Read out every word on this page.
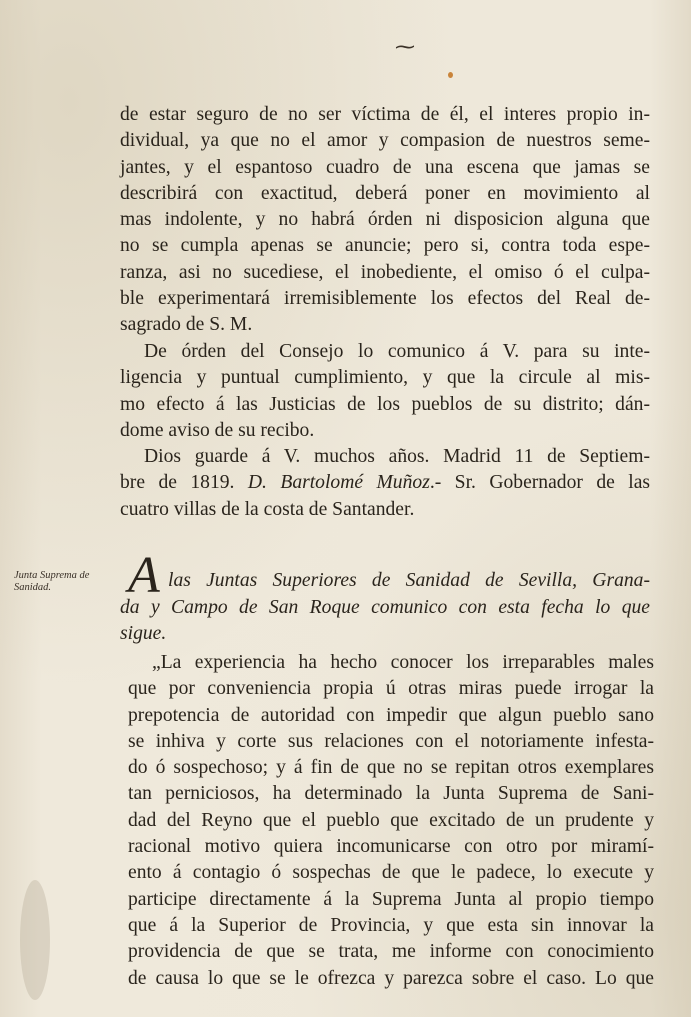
⁓
de estar seguro de no ser víctima de él, el interes propio in-
dividual, ya que no el amor y compasion de nuestros seme-
jantes, y el espantoso cuadro de una escena que jamas se
describirá con exactitud, deberá poner en movimiento al
mas indolente, y no habrá órden ni disposicion alguna que
no se cumpla apenas se anuncie; pero si, contra toda espe-
ranza, asi no sucediese, el inobediente, el omiso ó el culpa-
ble experimentará irremisiblemente los efectos del Real de-
sagrado de S. M.
De órden del Consejo lo comunico á V. para su inte-
ligencia y puntual cumplimiento, y que la circule al mis-
mo efecto á las Justicias de los pueblos de su distrito; dán-
dome aviso de su recibo.
Dios guarde á V. muchos años. Madrid 11 de Septiem-
bre de 1819. D. Bartolomé Muñoz.- Sr. Gobernador de las
cuatro villas de la costa de Santander.
Junta Suprema de Sanidad.	A las Juntas Superiores de Sanidad de Sevilla, Grana-
da y Campo de San Roque comunico con esta fecha lo que
sigue.
„La experiencia ha hecho conocer los irreparables males
que por conveniencia propia ú otras miras puede irrogar la
prepotencia de autoridad con impedir que algun pueblo sano
se inhiva y corte sus relaciones con el notoriamente infesta-
do ó sospechoso; y á fin de que no se repitan otros exemplares
tan perniciosos, ha determinado la Junta Suprema de Sani-
dad del Reyno que el pueblo que excitado de un prudente y
racional motivo quiera incomunicarse con otro por miramí-
ento á contagio ó sospechas de que le padece, lo execute y
participe directamente á la Suprema Junta al propio tiempo
que á la Superior de Provincia, y que esta sin innovar la
providencia de que se trata, me informe con conocimiento
de causa lo que se le ofrezca y parezca sobre el caso. Lo que
